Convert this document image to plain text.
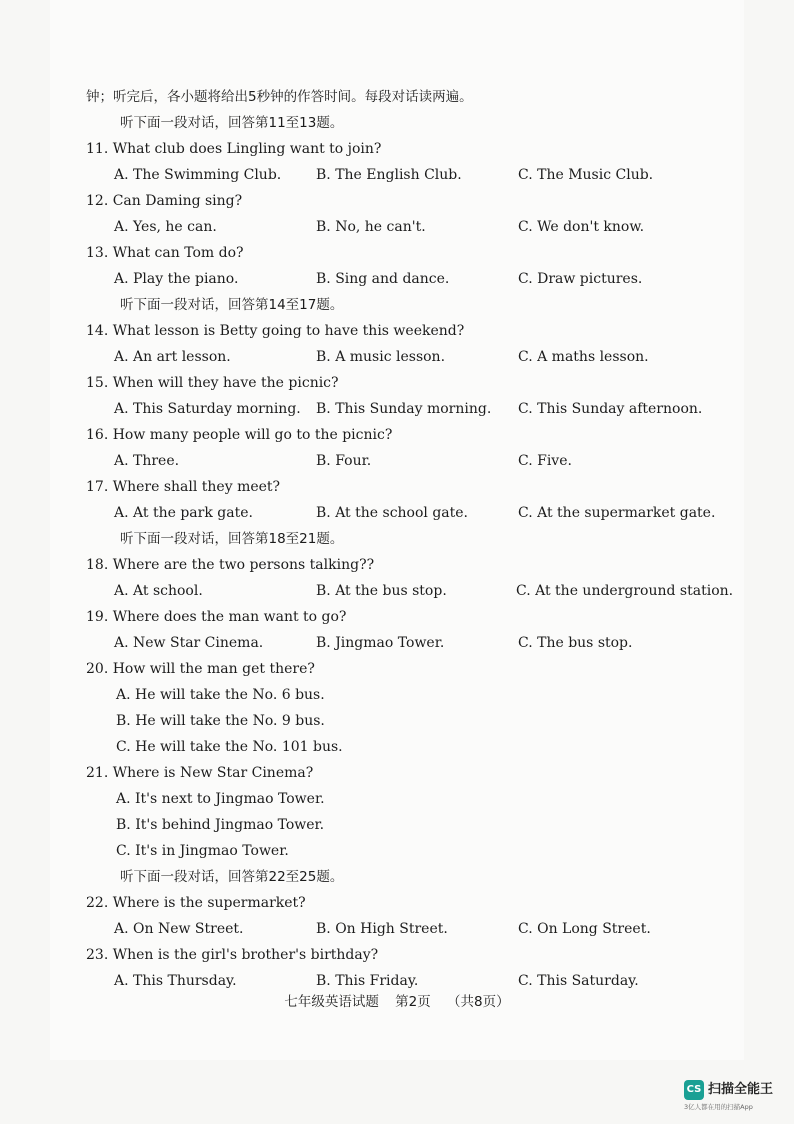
钟；听完后，各小题将给出5秒钟的作答时间。每段对话读两遍。
听下面一段对话，回答第11至13题。
11. What club does Lingling want to join?
A. The Swimming Club. B. The English Club.	C. The Music Club.
12. Can Daming sing?
A. Yes, he can.	B. No, he can't.	C. We don't know.
13. What can Tom do?
A. Play the piano.	B. Sing and dance.	C. Draw pictures.
听下面一段对话，回答第14至17题。
14. What lesson is Betty going to have this weekend?
A. An art lesson.	B. A music lesson.	C. A maths lesson.
15. When will they have the picnic?
A. This Saturday morning. B. This Sunday morning. C. This Sunday afternoon.
16. How many people will go to the picnic?
A. Three.	B. Four.	C. Five.
17. Where shall they meet?
A. At the park gate.	B. At the school gate.	C. At the supermarket gate.
听下面一段对话，回答第18至21题。
18. Where are the two persons talking??
A. At school.	B. At the bus stop.	C. At the underground station.
19. Where does the man want to go?
A. New Star Cinema.	B. Jingmao Tower.	C. The bus stop.
20. How will the man get there?
A. He will take the No. 6 bus.
B. He will take the No. 9 bus.
C. He will take the No. 101 bus.
21. Where is New Star Cinema?
A. It's next to Jingmao Tower.
B. It's behind Jingmao Tower.
C. It's in Jingmao Tower.
听下面一段对话，回答第22至25题。
22. Where is the supermarket?
A. On New Street.	B. On High Street.	C. On Long Street.
23. When is the girl's brother's birthday?
A. This Thursday.	B. This Friday.	C. This Saturday.
七年级英语试题 第2页 （共8页）
CS 扫描全能王
3亿人都在用的扫描App
